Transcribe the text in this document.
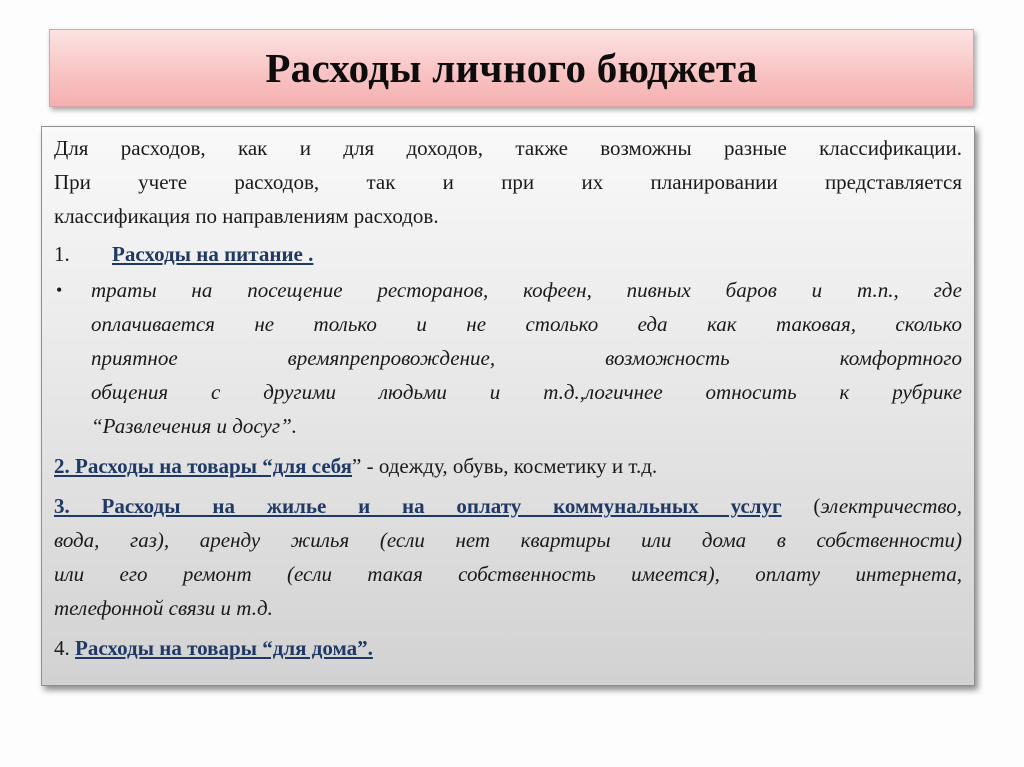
Расходы личного бюджета
Для расходов, как и для доходов, также возможны разные классификации.
При учете расходов, так и при их планировании представляется
классификация по направлениям расходов.
1.	Расходы на питание .
•	траты на посещение ресторанов, кофеен, пивных баров и т.п., где
оплачивается не только и не столько еда как таковая, сколько
приятное времяпрепровождение, возможность комфортного
общения с другими людьми и т.д.,логичнее относить к рубрике
“Развлечения и досуг”.
2. Расходы на товары “для себя” - одежду, обувь, косметику и т.д.
3. Расходы на жилье и на оплату коммунальных услуг (электричество,
вода, газ), аренду жилья (если нет квартиры или дома в собственности)
или его ремонт (если такая собственность имеется), оплату интернета,
телефонной связи и т.д.
4. Расходы на товары “для дома”.
